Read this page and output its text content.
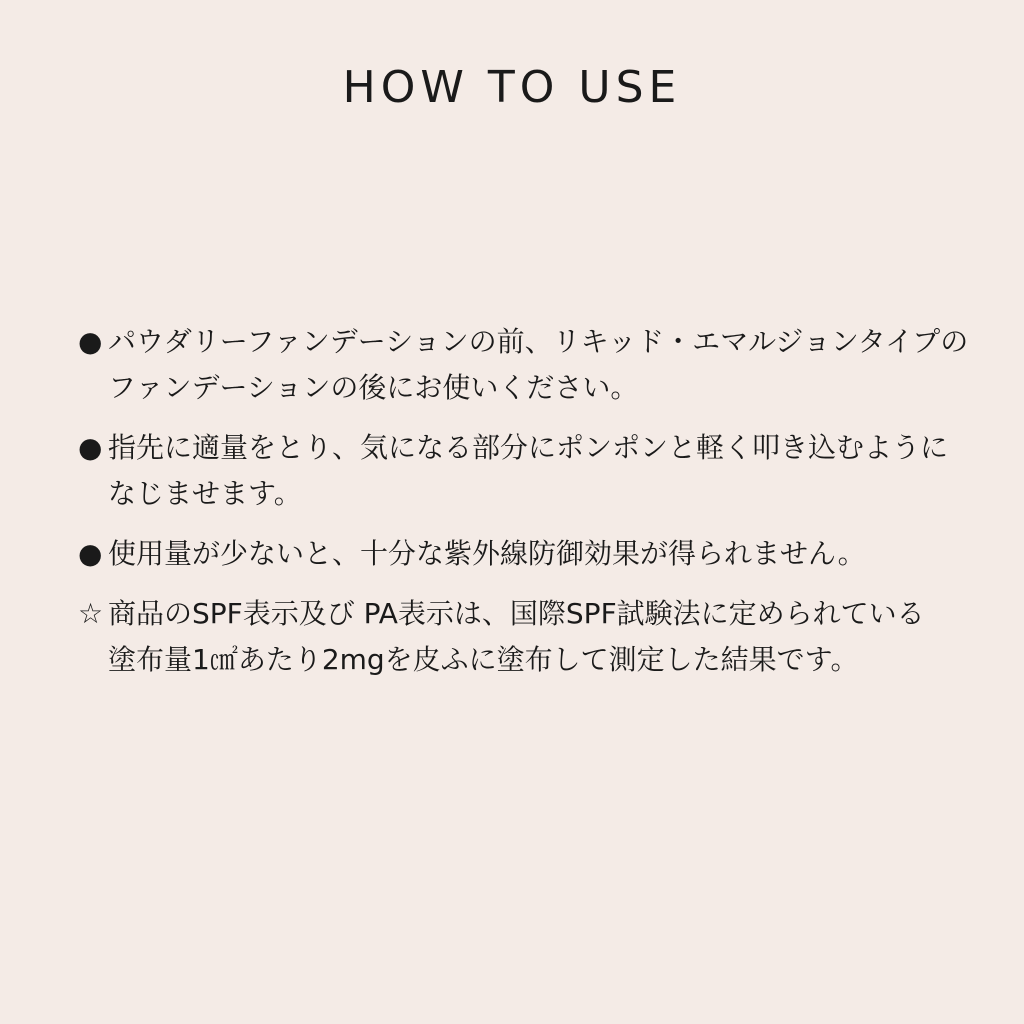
HOW TO USE
● パウダリーファンデーションの前、リキッド・エマルジョンタイプの
ファンデーションの後にお使いください。
● 指先に適量をとり、気になる部分にポンポンと軽く叩き込むように
なじませます。
● 使用量が少ないと、十分な紫外線防御効果が得られません。
☆ 商品のSPF表示及び PA表示は、国際SPF試験法に定められている
塗布量1㎠あたり2mgを皮ふに塗布して測定した結果です。
